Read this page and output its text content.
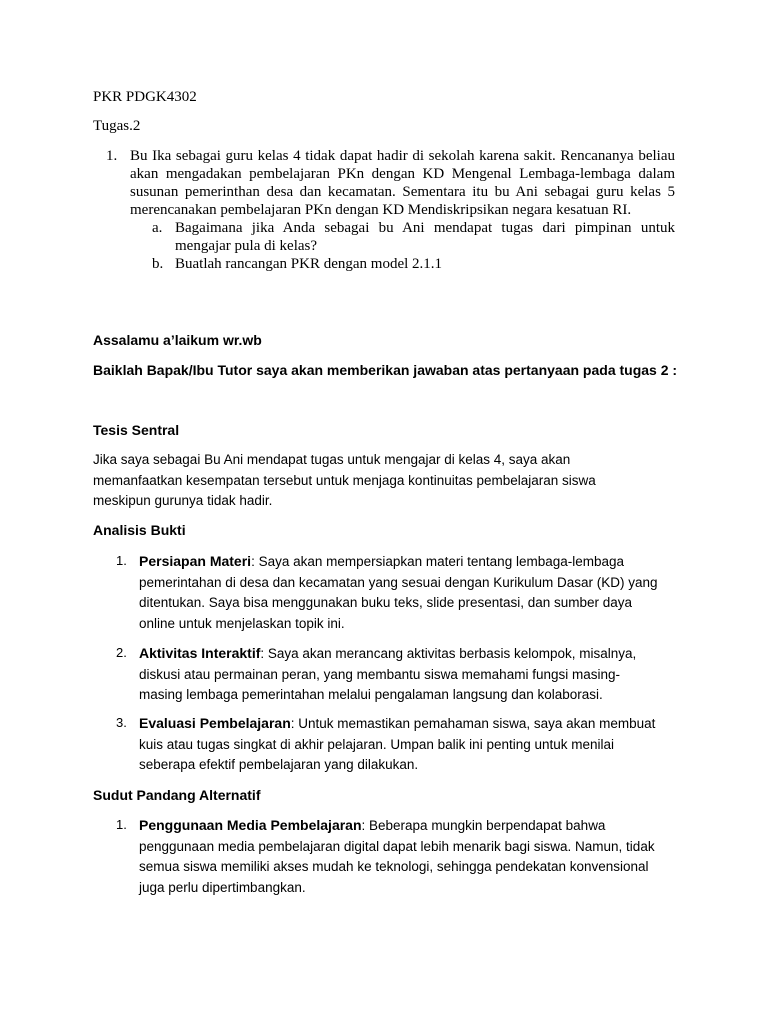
PKR PDGK4302
Tugas.2
1. Bu Ika sebagai guru kelas 4 tidak dapat hadir di sekolah karena sakit. Rencananya beliau akan mengadakan pembelajaran PKn dengan KD Mengenal Lembaga-lembaga dalam susunan pemerinthan desa dan kecamatan. Sementara itu bu Ani sebagai guru kelas 5 merencanakan pembelajaran PKn dengan KD Mendiskripsikan negara kesatuan RI.
a. Bagaimana jika Anda sebagai bu Ani mendapat tugas dari pimpinan untuk mengajar pula di kelas?
b. Buatlah rancangan PKR dengan model 2.1.1
Assalamu a’laikum wr.wb
Baiklah Bapak/Ibu Tutor saya akan memberikan jawaban atas pertanyaan pada tugas 2 :
Tesis Sentral
Jika saya sebagai Bu Ani mendapat tugas untuk mengajar di kelas 4, saya akan memanfaatkan kesempatan tersebut untuk menjaga kontinuitas pembelajaran siswa meskipun gurunya tidak hadir.
Analisis Bukti
1. Persiapan Materi: Saya akan mempersiapkan materi tentang lembaga-lembaga pemerintahan di desa dan kecamatan yang sesuai dengan Kurikulum Dasar (KD) yang ditentukan. Saya bisa menggunakan buku teks, slide presentasi, dan sumber daya online untuk menjelaskan topik ini.
2. Aktivitas Interaktif: Saya akan merancang aktivitas berbasis kelompok, misalnya, diskusi atau permainan peran, yang membantu siswa memahami fungsi masing-masing lembaga pemerintahan melalui pengalaman langsung dan kolaborasi.
3. Evaluasi Pembelajaran: Untuk memastikan pemahaman siswa, saya akan membuat kuis atau tugas singkat di akhir pelajaran. Umpan balik ini penting untuk menilai seberapa efektif pembelajaran yang dilakukan.
Sudut Pandang Alternatif
1. Penggunaan Media Pembelajaran: Beberapa mungkin berpendapat bahwa penggunaan media pembelajaran digital dapat lebih menarik bagi siswa. Namun, tidak semua siswa memiliki akses mudah ke teknologi, sehingga pendekatan konvensional juga perlu dipertimbangkan.
